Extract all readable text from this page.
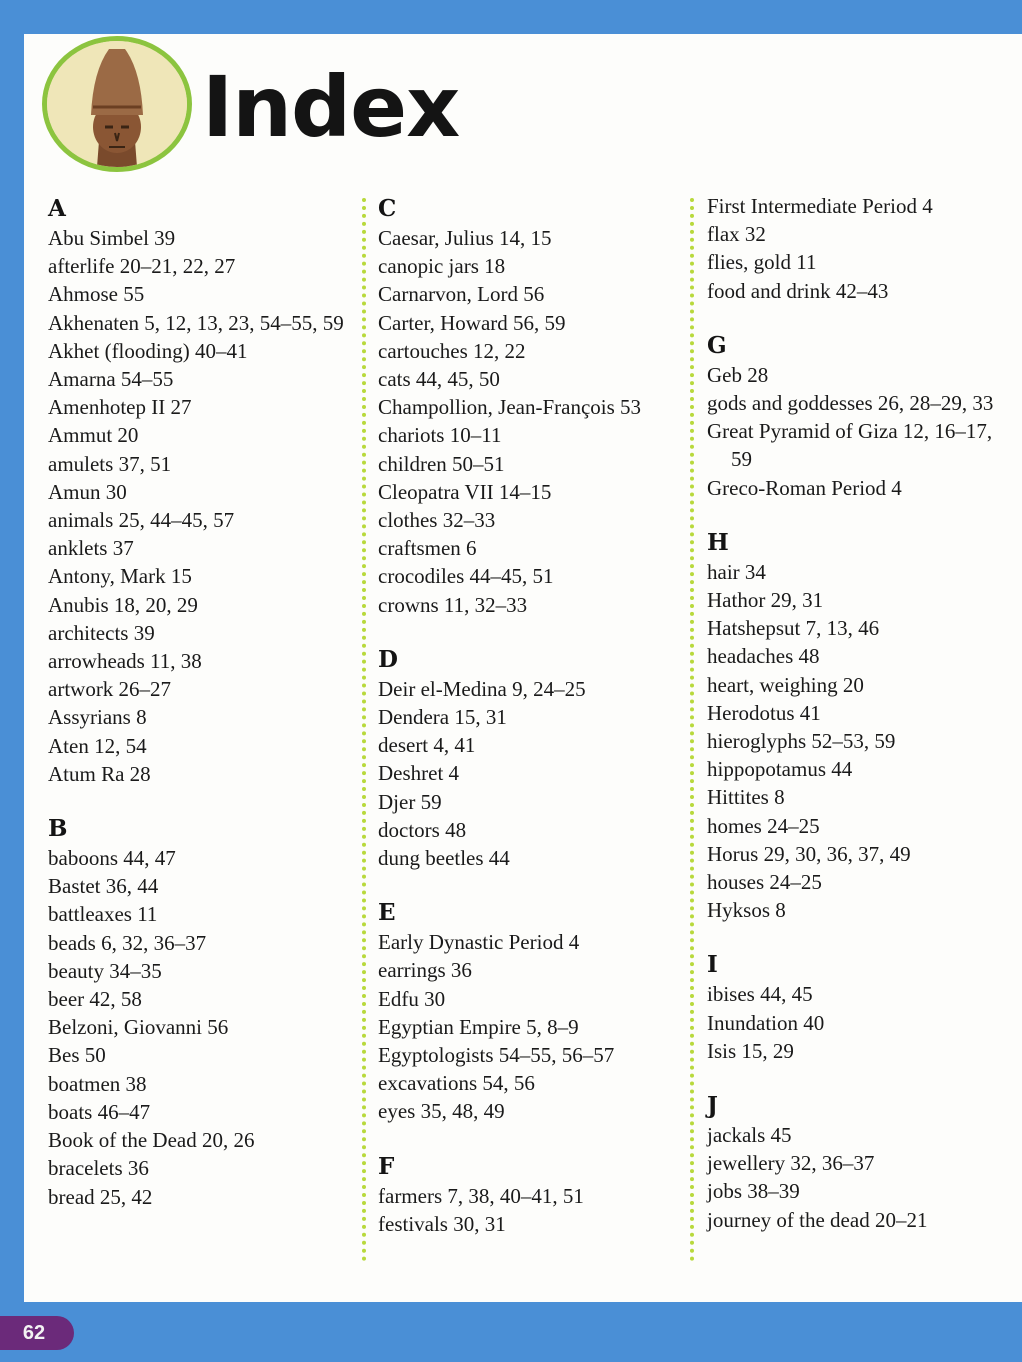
Index
A
Abu Simbel 39
afterlife 20–21, 22, 27
Ahmose 55
Akhenaten 5, 12, 13, 23, 54–55, 59
Akhet (flooding) 40–41
Amarna 54–55
Amenhotep II 27
Ammut 20
amulets 37, 51
Amun 30
animals 25, 44–45, 57
anklets 37
Antony, Mark 15
Anubis 18, 20, 29
architects 39
arrowheads 11, 38
artwork 26–27
Assyrians 8
Aten 12, 54
Atum Ra 28
B
baboons 44, 47
Bastet 36, 44
battleaxes 11
beads 6, 32, 36–37
beauty 34–35
beer 42, 58
Belzoni, Giovanni 56
Bes 50
boatmen 38
boats 46–47
Book of the Dead 20, 26
bracelets 36
bread 25, 42
C
Caesar, Julius 14, 15
canopic jars 18
Carnarvon, Lord 56
Carter, Howard 56, 59
cartouches 12, 22
cats 44, 45, 50
Champollion, Jean-François 53
chariots 10–11
children 50–51
Cleopatra VII 14–15
clothes 32–33
craftsmen 6
crocodiles 44–45, 51
crowns 11, 32–33
D
Deir el-Medina 9, 24–25
Dendera 15, 31
desert 4, 41
Deshret 4
Djer 59
doctors 48
dung beetles 44
E
Early Dynastic Period 4
earrings 36
Edfu 30
Egyptian Empire 5, 8–9
Egyptologists 54–55, 56–57
excavations 54, 56
eyes 35, 48, 49
F
farmers 7, 38, 40–41, 51
festivals 30, 31
First Intermediate Period 4
flax 32
flies, gold 11
food and drink 42–43
G
Geb 28
gods and goddesses 26, 28–29, 33
Great Pyramid of Giza 12, 16–17, 59
Greco-Roman Period 4
H
hair 34
Hathor 29, 31
Hatshepsut 7, 13, 46
headaches 48
heart, weighing 20
Herodotus 41
hieroglyphs 52–53, 59
hippopotamus 44
Hittites 8
homes 24–25
Horus 29, 30, 36, 37, 49
houses 24–25
Hyksos 8
I
ibises 44, 45
Inundation 40
Isis 15, 29
J
jackals 45
jewellery 32, 36–37
jobs 38–39
journey of the dead 20–21
62
